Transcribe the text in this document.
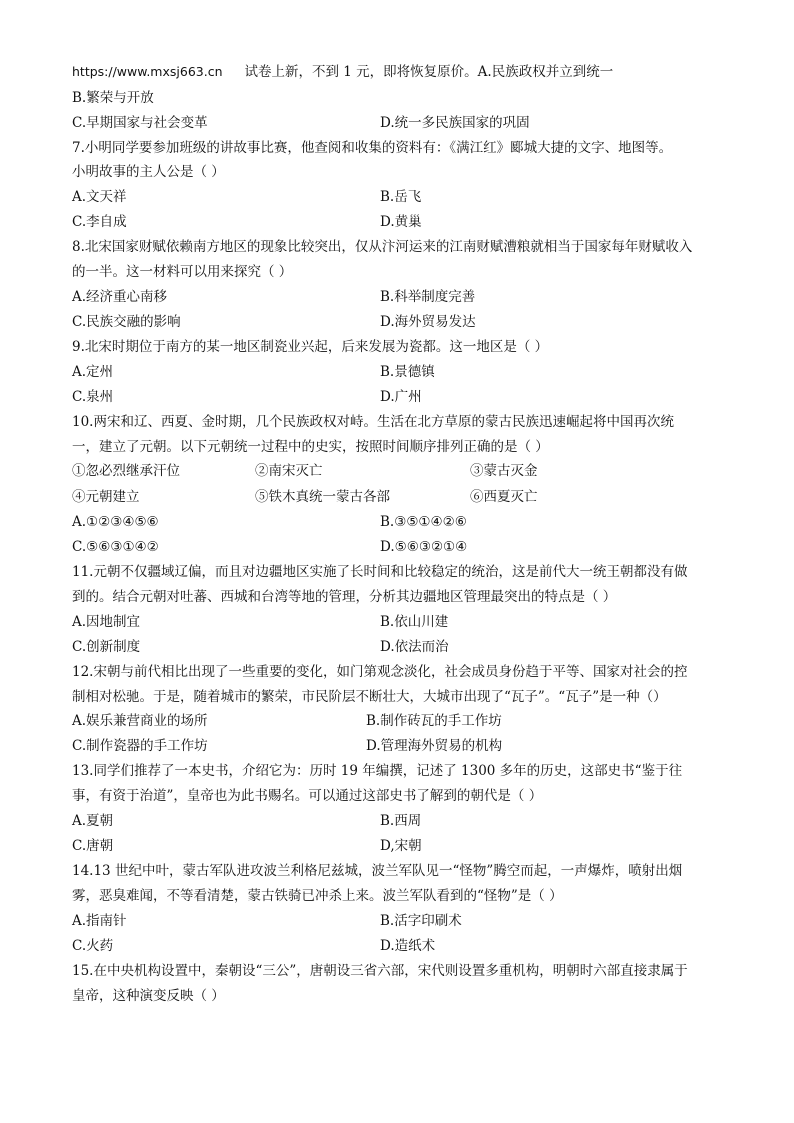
https://www.mxsj663.cn 试卷上新，不到 1 元，即将恢复原价。A.民族政权并立到统一
B.繁荣与开放
C.早期国家与社会变革	D.统一多民族国家的巩固
7.小明同学要参加班级的讲故事比赛，他查阅和收集的资料有：《满江红》郾城大捷的文字、地图等。
小明故事的主人公是（ ）
A.文天祥	B.岳飞
C.李自成	D.黄巢
8.北宋国家财赋依赖南方地区的现象比较突出，仅从汴河运来的江南财赋漕粮就相当于国家每年财赋收入
的一半。这一材料可以用来探究（ ）
A.经济重心南移	B.科举制度完善
C.民族交融的影响	D.海外贸易发达
9.北宋时期位于南方的某一地区制瓷业兴起，后来发展为瓷都。这一地区是（ ）
A.定州	B.景德镇
C.泉州	D.广州
10.两宋和辽、西夏、金时期，几个民族政权对峙。生活在北方草原的蒙古民族迅速崛起将中国再次统
一，建立了元朝。以下元朝统一过程中的史实，按照时间顺序排列正确的是（ ）
①忽必烈继承汗位	②南宋灭亡	③蒙古灭金
④元朝建立	⑤铁木真统一蒙古各部	⑥西夏灭亡
A.①②③④⑤⑥	B.③⑤①④②⑥
C.⑤⑥③①④②	D.⑤⑥③②①④
11.元朝不仅疆域辽偏，而且对边疆地区实施了长时间和比较稳定的统治，这是前代大一统王朝都没有做
到的。结合元朝对吐蕃、西城和台湾等地的管理，分析其边疆地区管理最突出的特点是（ ）
A.因地制宜	B.依山川建
C.创新制度	D.依法而治
12.宋朝与前代相比出现了一些重要的变化，如门第观念淡化，社会成员身份趋于平等、国家对社会的控
制相对松驰。于是，随着城市的繁荣，市民阶层不断壮大，大城市出现了“瓦子”。“瓦子”是一种（）
A.娱乐兼营商业的场所	B.制作砖瓦的手工作坊
C.制作瓷器的手工作坊	D.管理海外贸易的机构
13.同学们推荐了一本史书，介绍它为：历时 19 年编撰，记述了 1300 多年的历史，这部史书“鉴于往
事，有资于治道”，皇帝也为此书赐名。可以通过这部史书了解到的朝代是（ ）
A.夏朝	B.西周
C.唐朝	D,宋朝
14.13 世纪中叶，蒙古军队进攻波兰利格尼兹城，波兰军队见一“怪物”腾空而起，一声爆炸，喷射出烟
雾，恶臭难闻，不等看清楚，蒙古铁骑已冲杀上来。波兰军队看到的“怪物”是（ ）
A.指南针	B.活字印刷术
C.火药	D.造纸术
15.在中央机构设置中，秦朝设“三公”，唐朝设三省六部，宋代则设置多重机构，明朝时六部直接隶属于
皇帝，这种演变反映（ ）
